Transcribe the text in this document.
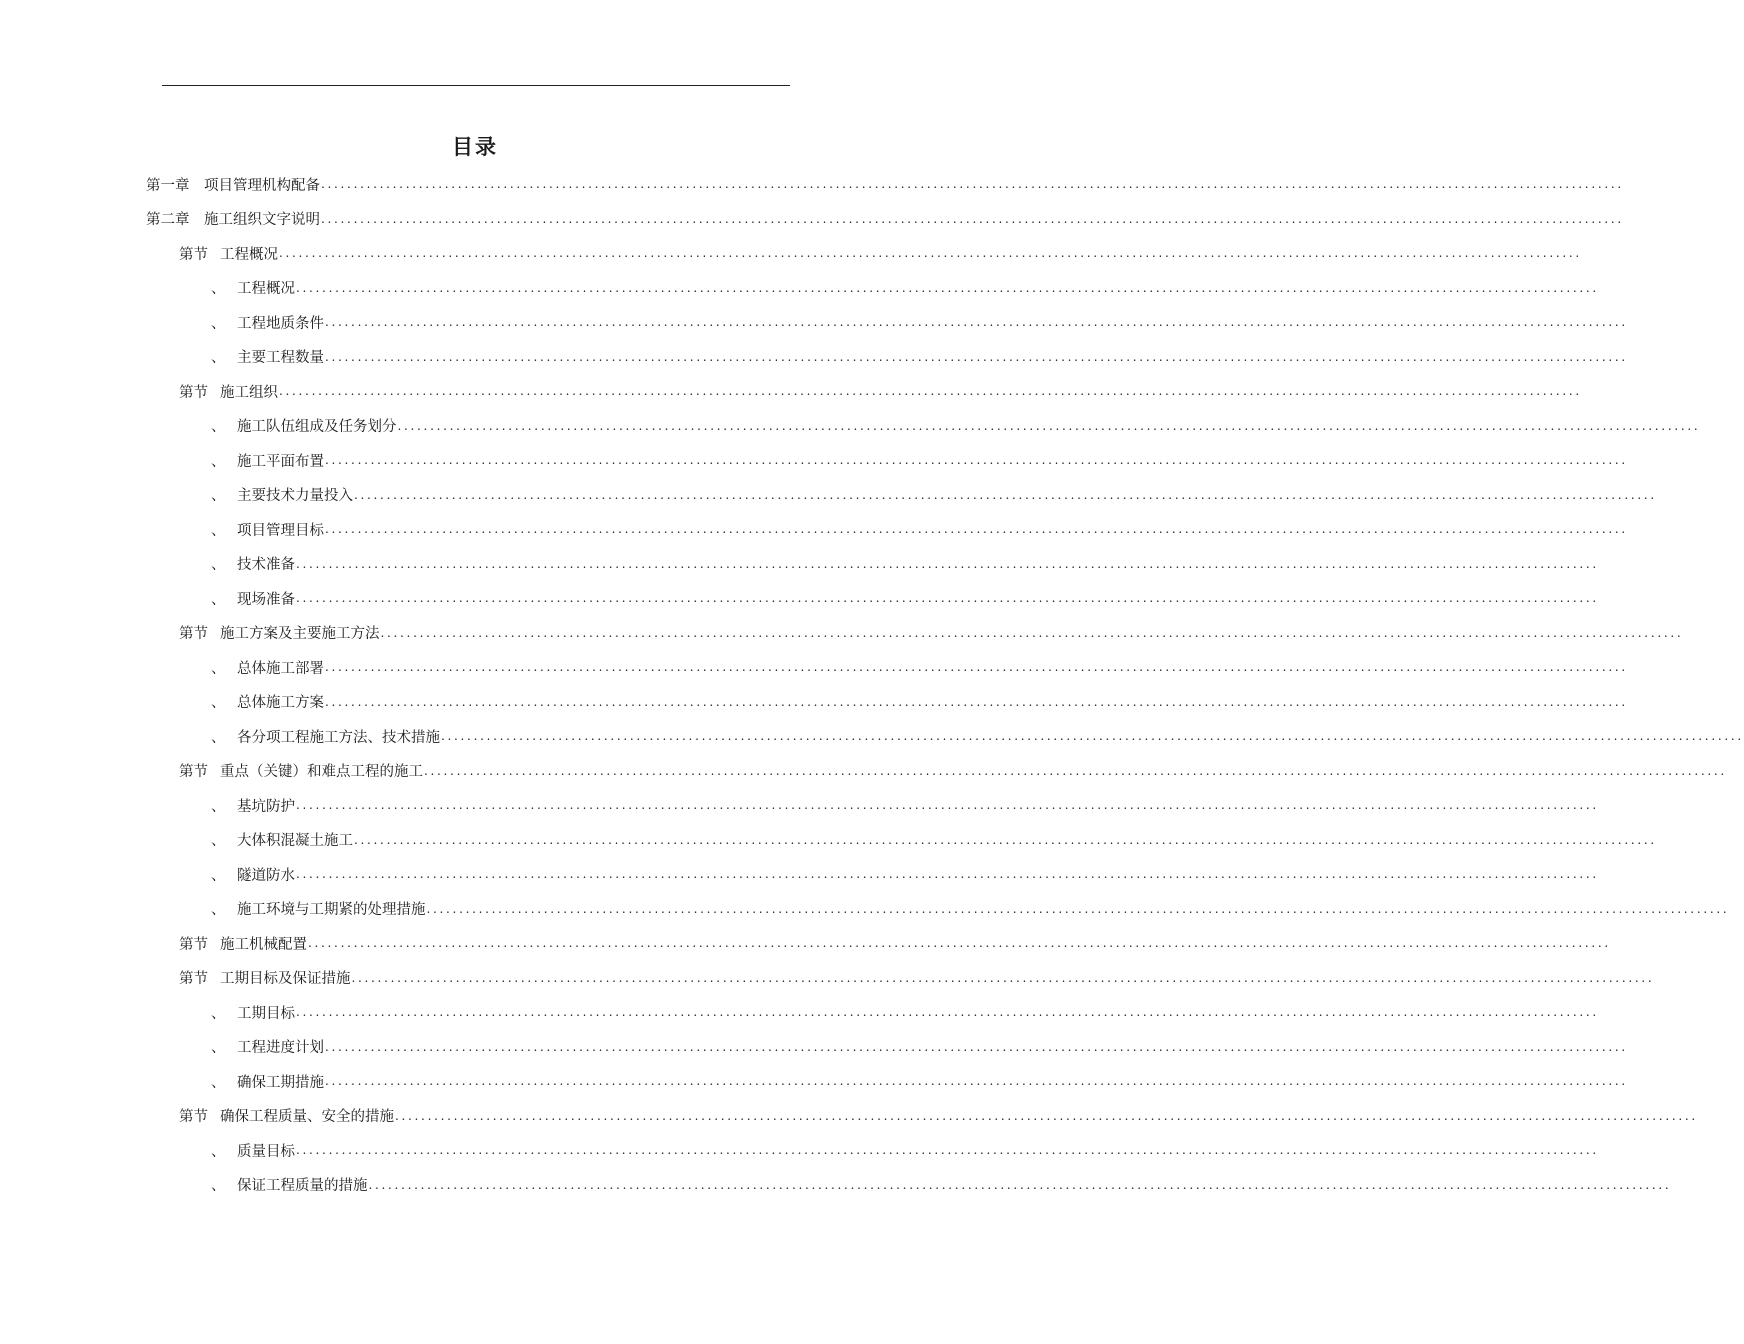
目录
第一章	项目管理机构配备 ........................................................................................................................................................................................................
第二章	施工组织文字说明 ........................................................................................................................................................................................................
第节 工程概况 ........................................................................................................................................................................................................
、 工程概况 ........................................................................................................................................................................................................
、 工程地质条件 ........................................................................................................................................................................................................
、 主要工程数量 ........................................................................................................................................................................................................
第节 施工组织 ........................................................................................................................................................................................................
、 施工队伍组成及任务划分 ........................................................................................................................................................................................................
、 施工平面布置 ........................................................................................................................................................................................................
、 主要技术力量投入 ........................................................................................................................................................................................................
、 项目管理目标 ........................................................................................................................................................................................................
、 技术准备 ........................................................................................................................................................................................................
、 现场准备 ........................................................................................................................................................................................................
第节 施工方案及主要施工方法 ........................................................................................................................................................................................................
、 总体施工部署 ........................................................................................................................................................................................................
、 总体施工方案 ........................................................................................................................................................................................................
、 各分项工程施工方法、技术措施 ........................................................................................................................................................................................................
第节 重点（关键）和难点工程的施工 ........................................................................................................................................................................................................
、 基坑防护 ........................................................................................................................................................................................................
、 大体积混凝土施工 ........................................................................................................................................................................................................
、 隧道防水 ........................................................................................................................................................................................................
、 施工环境与工期紧的处理措施 ........................................................................................................................................................................................................
第节 施工机械配置 ........................................................................................................................................................................................................
第节 工期目标及保证措施 ........................................................................................................................................................................................................
、 工期目标 ........................................................................................................................................................................................................
、 工程进度计划 ........................................................................................................................................................................................................
、 确保工期措施 ........................................................................................................................................................................................................
第节 确保工程质量、安全的措施 ........................................................................................................................................................................................................
、 质量目标 ........................................................................................................................................................................................................
、 保证工程质量的措施 ........................................................................................................................................................................................................
